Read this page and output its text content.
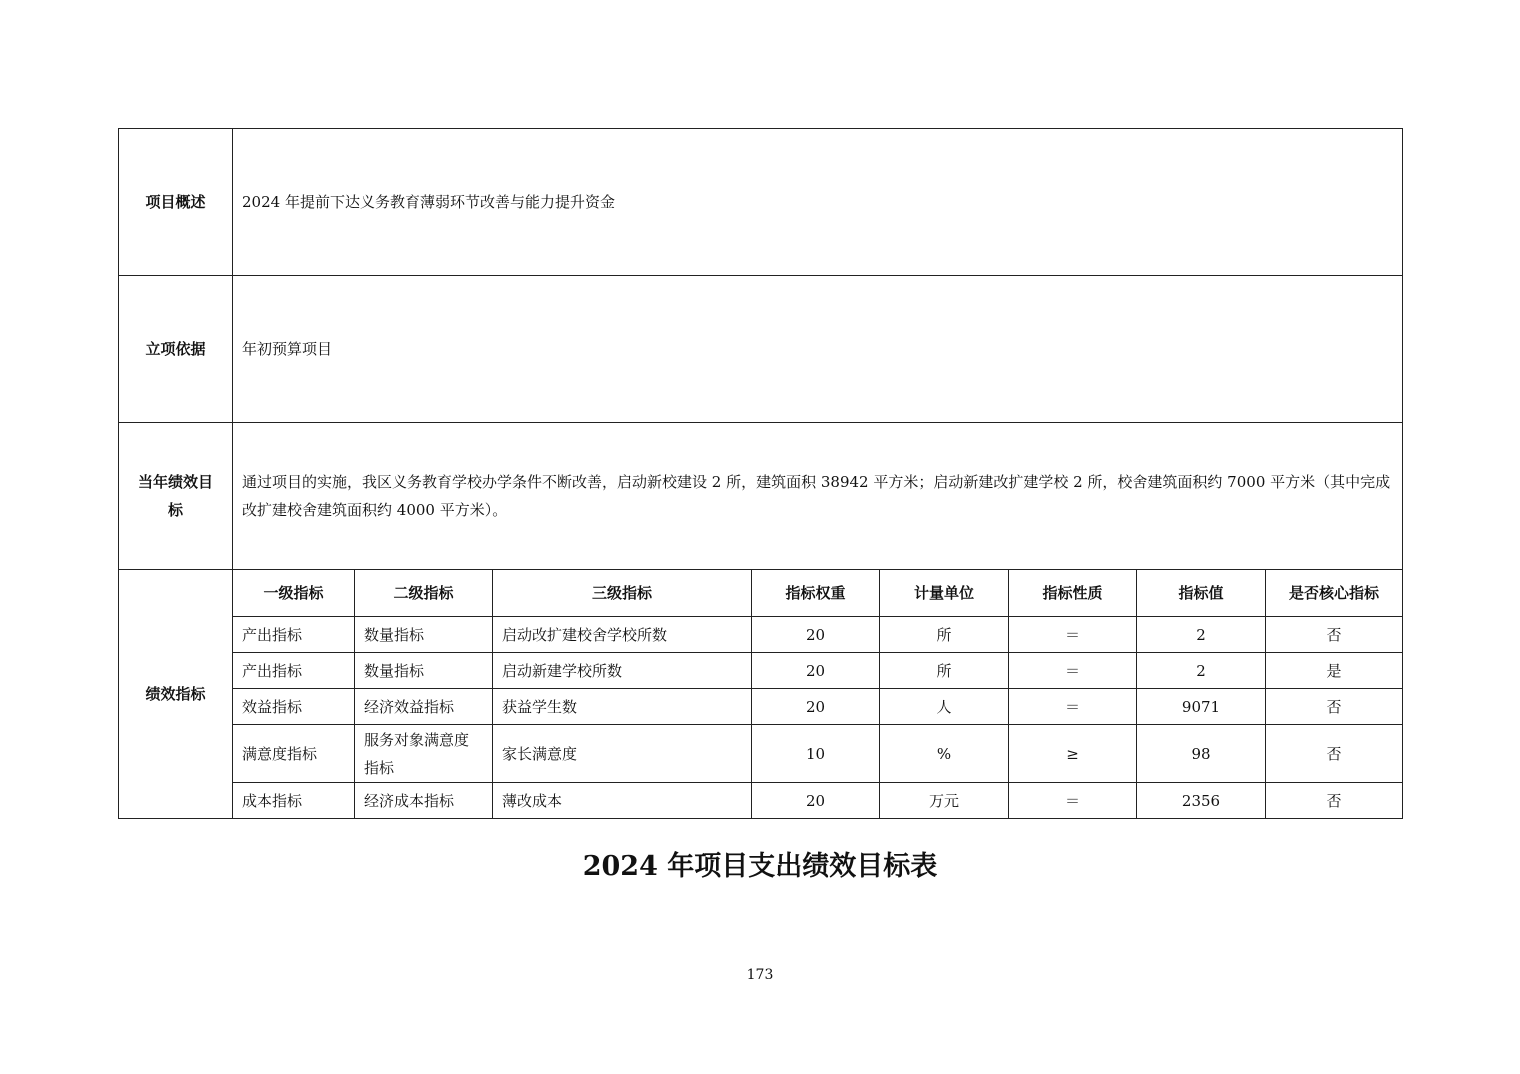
项目概述	2024 年提前下达义务教育薄弱环节改善与能力提升资金							
立项依据	年初预算项目							
当年绩效目标	通过项目的实施，我区义务教育学校办学条件不断改善，启动新校建设 2 所，建筑面积 38942 平方米；启动新建改扩建学校 2 所，校舍建筑面积约 7000 平方米（其中完成改扩建校舍建筑面积约 4000 平方米）。							
绩效指标	一级指标	二级指标	三级指标	指标权重	计量单位	指标性质	指标值	是否核心指标
	产出指标	数量指标	启动改扩建校舍学校所数	20	所	＝	2	否
	产出指标	数量指标	启动新建学校所数	20	所	＝	2	是
	效益指标	经济效益指标	获益学生数	20	人	＝	9071	否
	满意度指标	服务对象满意度指标	家长满意度	10	%	≥	98	否
	成本指标	经济成本指标	薄改成本	20	万元	＝	2356	否
2024 年项目支出绩效目标表
173
